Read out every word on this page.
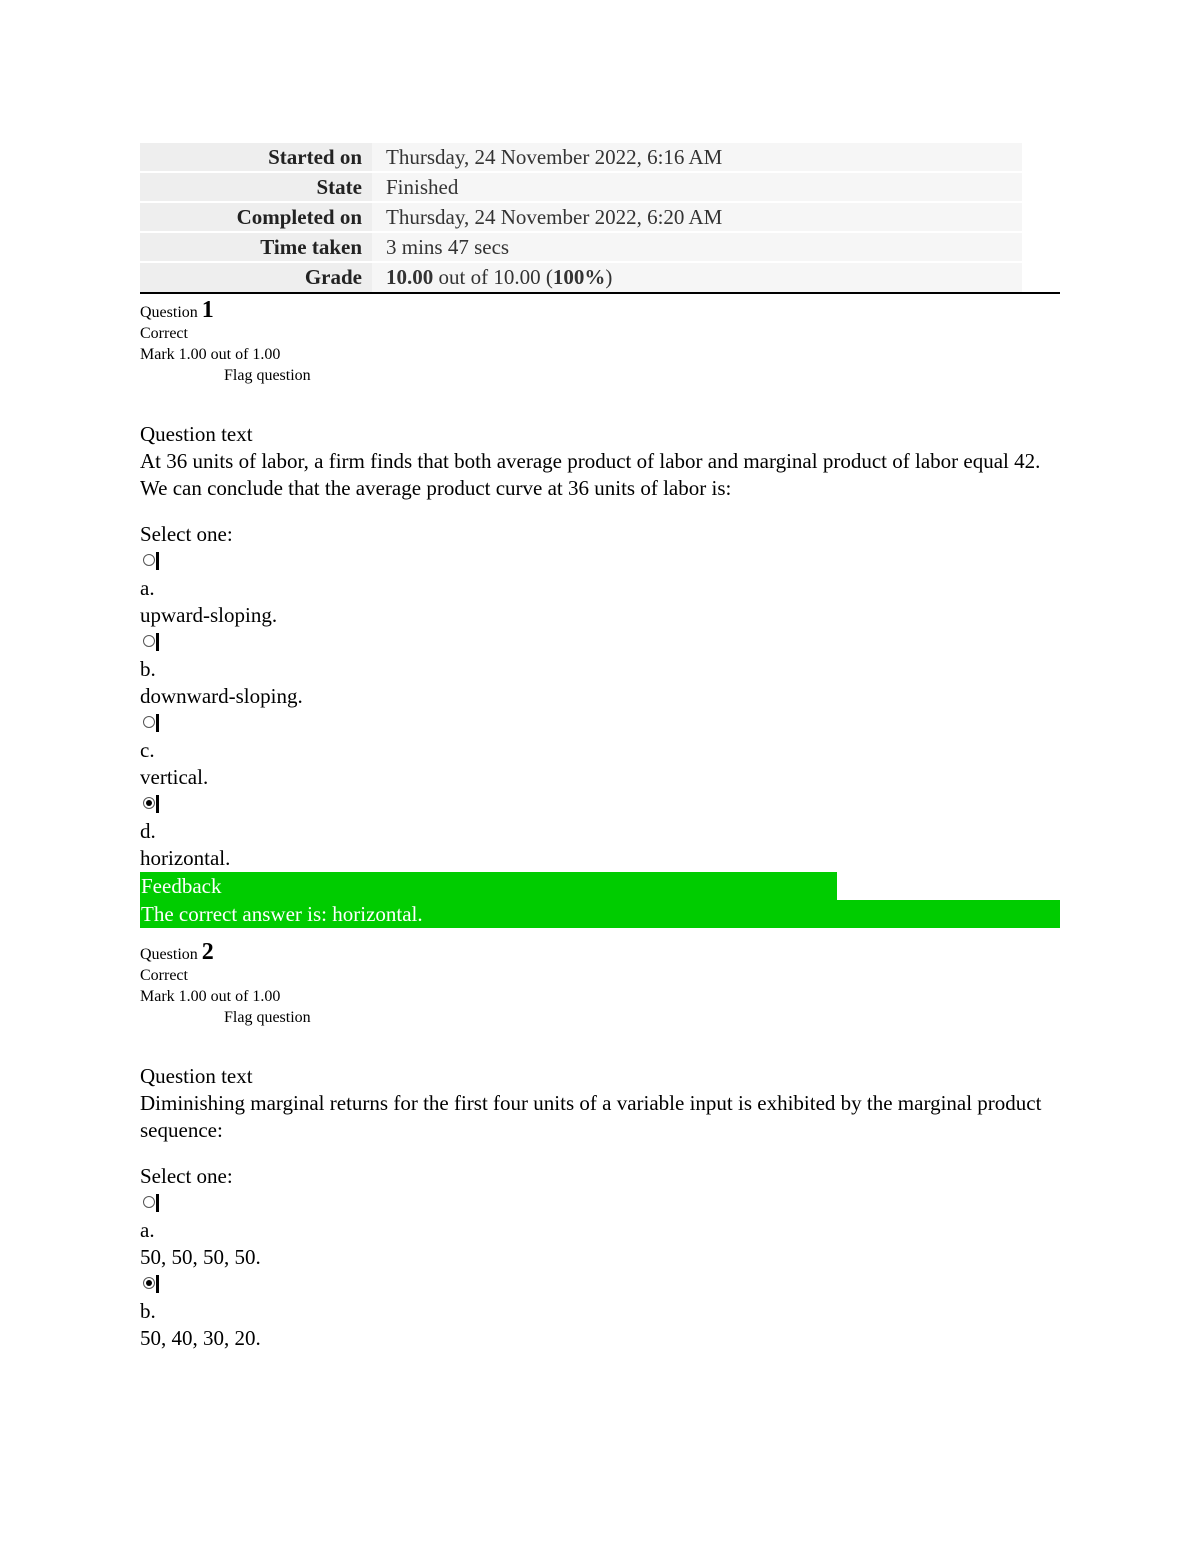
Started on	Thursday, 24 November 2022, 6:16 AM
State	Finished
Completed on	Thursday, 24 November 2022, 6:20 AM
Time taken	3 mins 47 secs
Grade	10.00 out of 10.00 (100%)
Question 1
Correct
Mark 1.00 out of 1.00
Flag question
Question text
At 36 units of labor, a firm finds that both average product of labor and marginal product of labor equal 42. We can conclude that the average product curve at 36 units of labor is:
Select one:
a.
upward-sloping.
b.
downward-sloping.
c.
vertical.
d.
horizontal.
Feedback
The correct answer is: horizontal.
Question 2
Correct
Mark 1.00 out of 1.00
Flag question
Question text
Diminishing marginal returns for the first four units of a variable input is exhibited by the marginal product sequence:
Select one:
a.
50, 50, 50, 50.
b.
50, 40, 30, 20.
